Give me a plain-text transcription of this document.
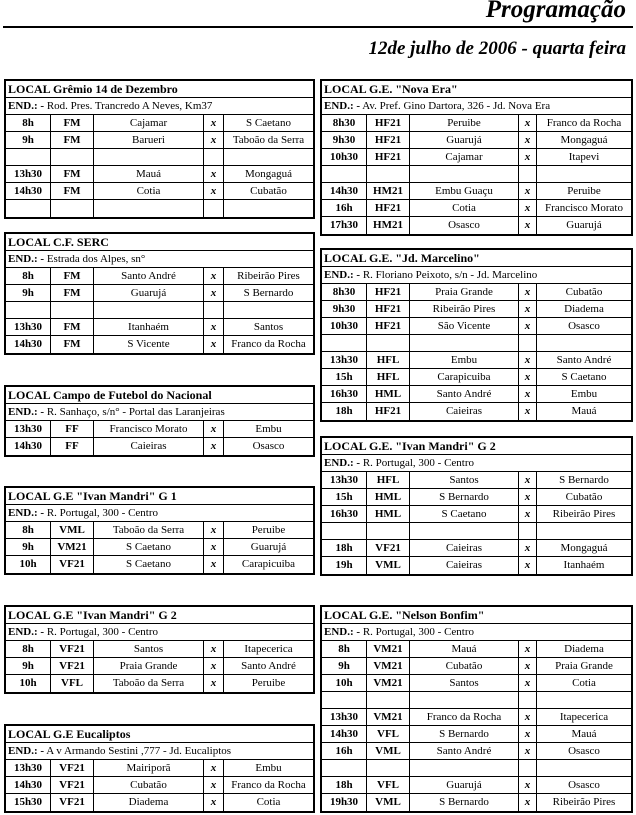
Programação
12de julho de 2006 - quarta feira
LOCAL Grêmio 14 de Dezembro
END.: - Rod. Pres. Trancredo A Neves, Km37
8h	FM	Cajamar	x	S Caetano
9h	FM	Barueri	x	Taboão da Serra
13h30	FM	Mauá	x	Mongaguá
14h30	FM	Cotia	x	Cubatão
LOCAL C.F. SERC
END.: - Estrada dos Alpes, sn°
8h	FM	Santo André	x	Ribeirão Pires
9h	FM	Guarujá	x	S Bernardo
13h30	FM	Itanhaém	x	Santos
14h30	FM	S Vicente	x	Franco da Rocha
LOCAL Campo de Futebol do Nacional
END.: - R. Sanhaço, s/n° - Portal das Laranjeiras
13h30	FF	Francisco Morato	x	Embu
14h30	FF	Caieiras	x	Osasco
LOCAL G.E "Ivan Mandri" G 1
END.: - R. Portugal, 300 - Centro
8h	VML	Taboão da Serra	x	Peruibe
9h	VM21	S Caetano	x	Guarujá
10h	VF21	S Caetano	x	Carapicuiba
LOCAL G.E "Ivan Mandri" G 2
END.: - R. Portugal, 300 - Centro
8h	VF21	Santos	x	Itapecerica
9h	VF21	Praia Grande	x	Santo André
10h	VFL	Taboão da Serra	x	Peruibe
LOCAL G.E Eucaliptos
END.: - A v Armando Sestini ,777 - Jd. Eucaliptos
13h30	VF21	Mairiporã	x	Embu
14h30	VF21	Cubatão	x	Franco da Rocha
15h30	VF21	Diadema	x	Cotia
LOCAL G.E. "Nova Era"
END.: - Av. Pref. Gino Dartora, 326 - Jd. Nova Era
8h30	HF21	Peruibe	x	Franco da Rocha
9h30	HF21	Guarujá	x	Mongaguá
10h30	HF21	Cajamar	x	Itapevi
14h30	HM21	Embu Guaçu	x	Peruibe
16h	HF21	Cotia	x	Francisco Morato
17h30	HM21	Osasco	x	Guarujá
LOCAL G.E. "Jd. Marcelino"
END.: - R. Floriano Peixoto, s/n - Jd. Marcelino
8h30	HF21	Praia Grande	x	Cubatão
9h30	HF21	Ribeirão Pires	x	Diadema
10h30	HF21	São Vicente	x	Osasco
13h30	HFL	Embu	x	Santo André
15h	HFL	Carapicuiba	x	S Caetano
16h30	HML	Santo André	x	Embu
18h	HF21	Caieiras	x	Mauá
LOCAL G.E. "Ivan Mandri" G 2
END.: - R. Portugal, 300 - Centro
13h30	HFL	Santos	x	S Bernardo
15h	HML	S Bernardo	x	Cubatão
16h30	HML	S Caetano	x	Ribeirão Pires
18h	VF21	Caieiras	x	Mongaguá
19h	VML	Caieiras	x	Itanhaém
LOCAL G.E. "Nelson Bonfim"
END.: - R. Portugal, 300 - Centro
8h	VM21	Mauá	x	Diadema
9h	VM21	Cubatão	x	Praia Grande
10h	VM21	Santos	x	Cotia
13h30	VM21	Franco da Rocha	x	Itapecerica
14h30	VFL	S Bernardo	x	Mauá
16h	VML	Santo André	x	Osasco
18h	VFL	Guarujá	x	Osasco
19h30	VML	S Bernardo	x	Ribeirão Pires
